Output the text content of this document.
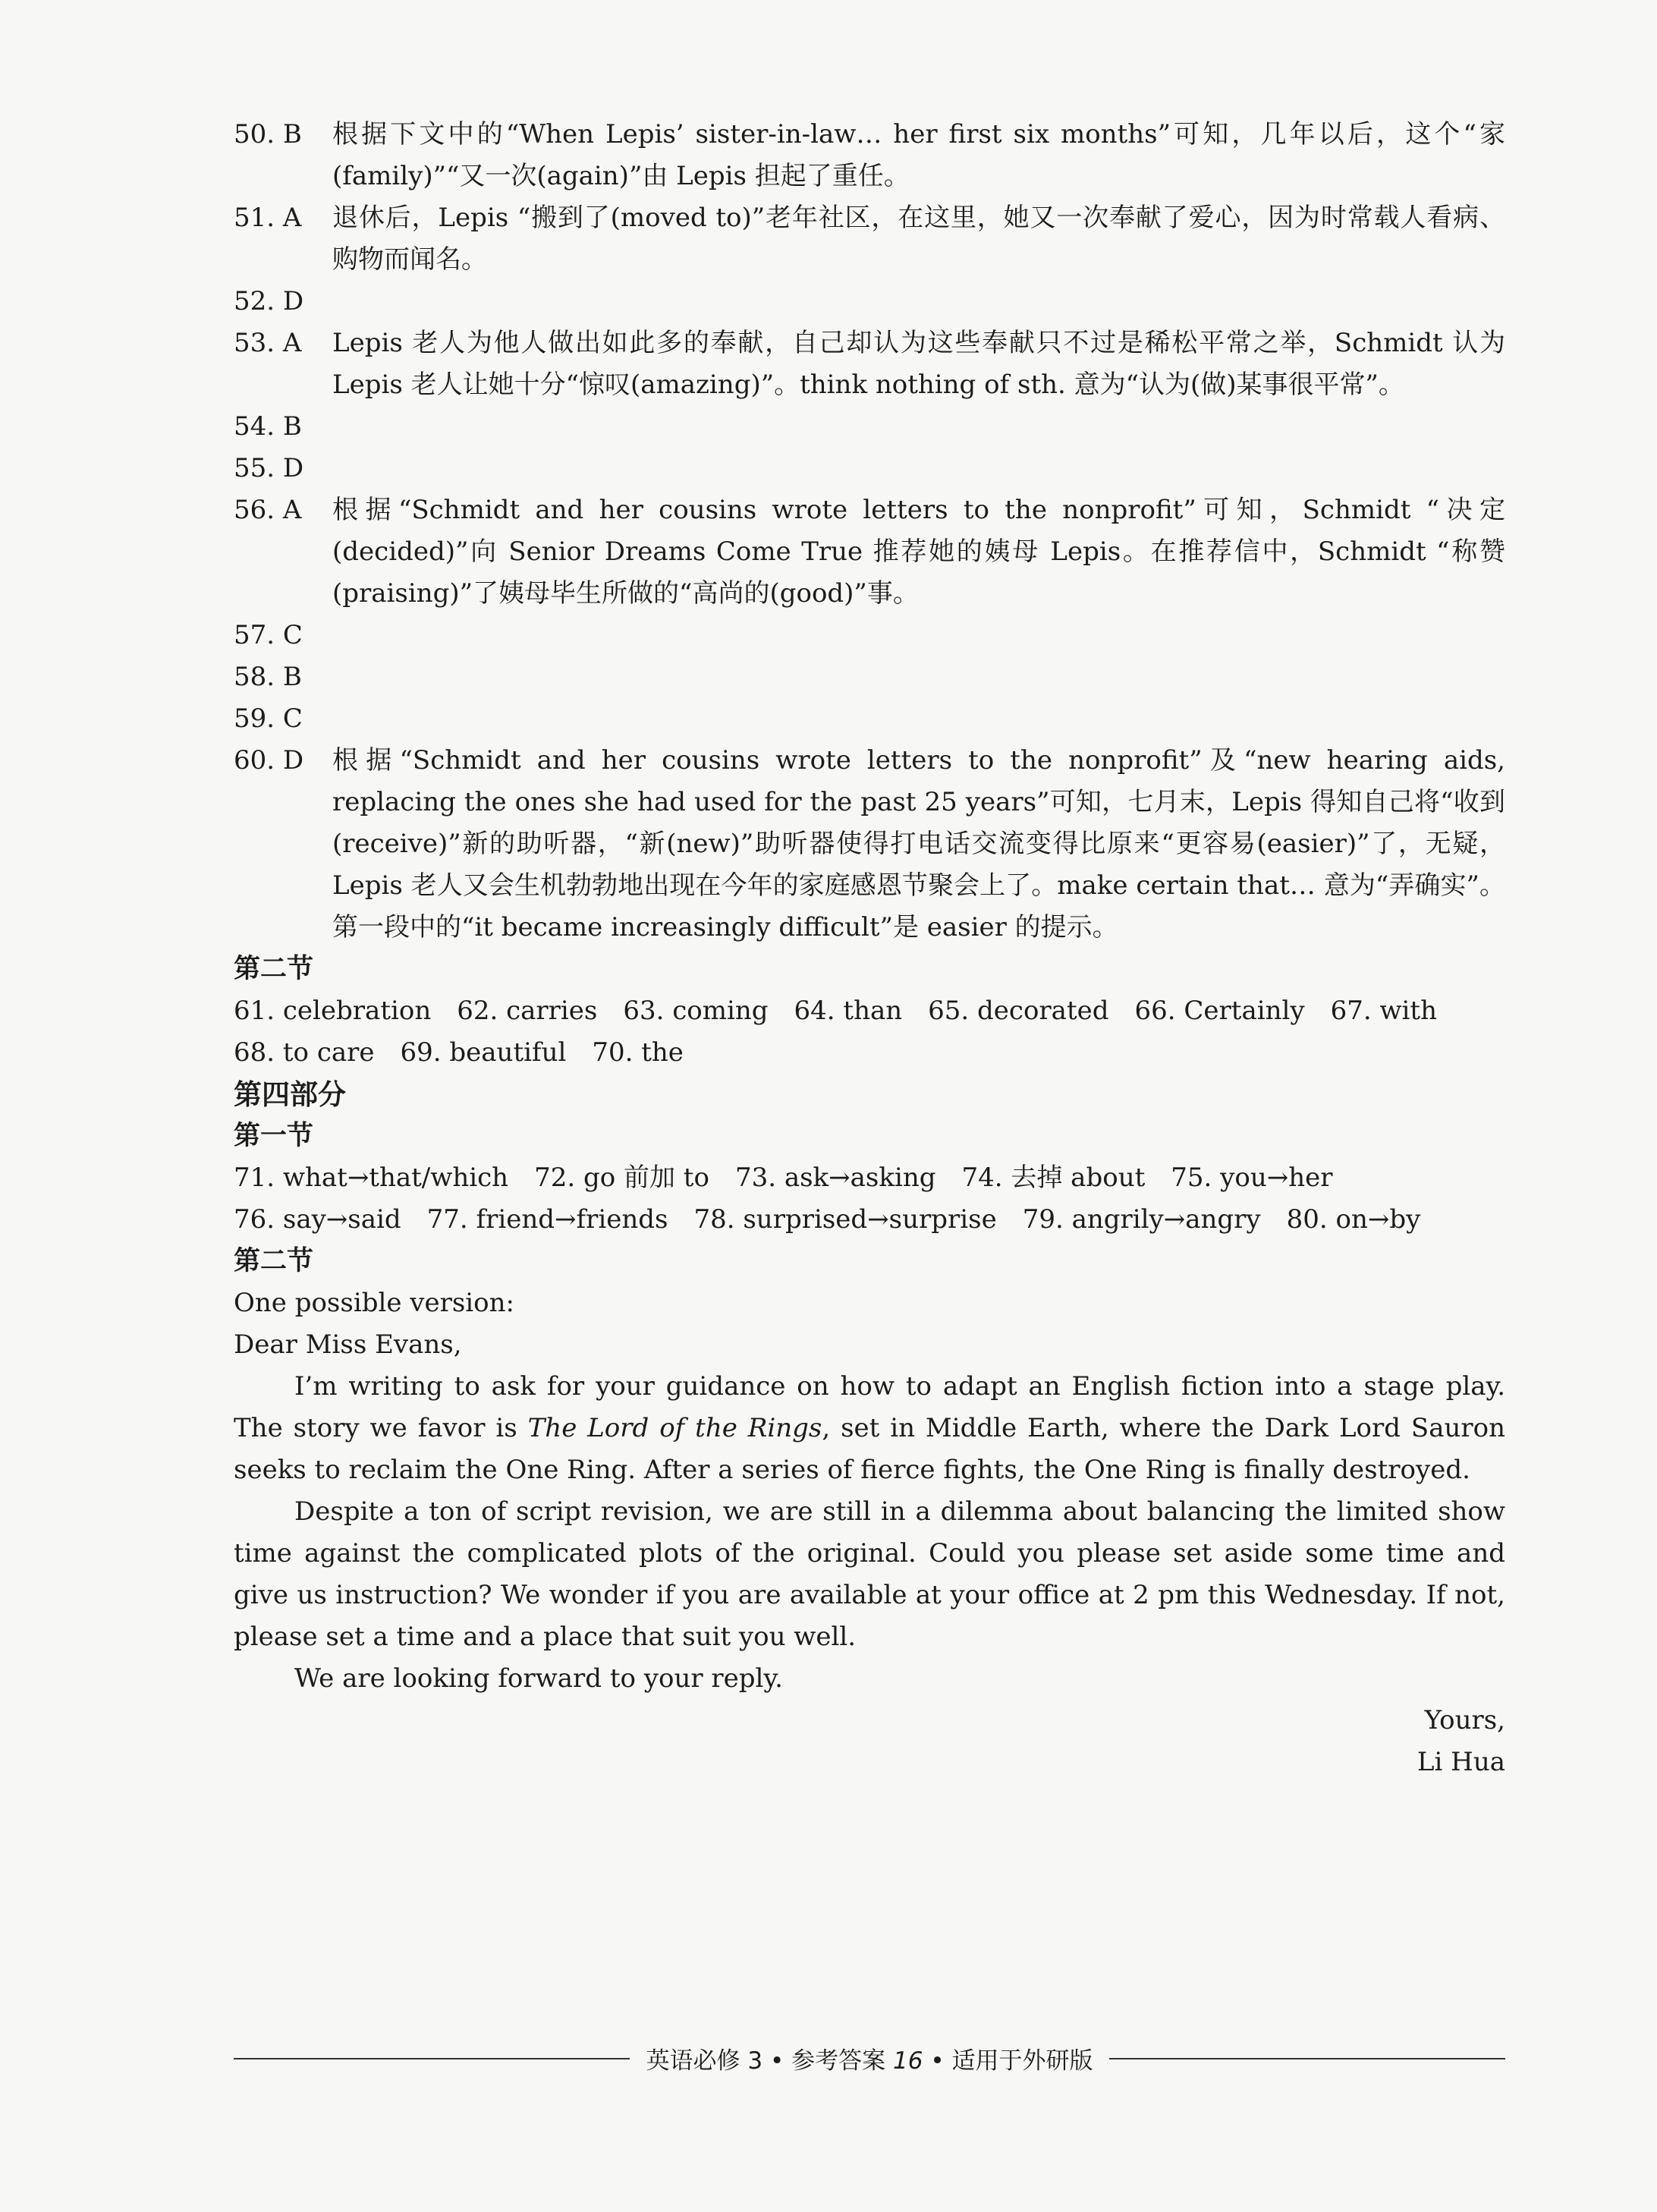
50. B	根据下文中的“When Lepis’ sister-in-law… her first six months”可知，几年以后，这个“家(family)”“又一次(again)”由 Lepis 担起了重任。
51. A	退休后，Lepis “搬到了(moved to)”老年社区，在这里，她又一次奉献了爱心，因为时常载人看病、购物而闻名。
52. D
53. A	Lepis 老人为他人做出如此多的奉献，自己却认为这些奉献只不过是稀松平常之举，Schmidt 认为 Lepis 老人让她十分“惊叹(amazing)”。think nothing of sth. 意为“认为(做)某事很平常”。
54. B
55. D
56. A	根据“Schmidt and her cousins wrote letters to the nonprofit”可知，Schmidt “决定(decided)”向 Senior Dreams Come True 推荐她的姨母 Lepis。在推荐信中，Schmidt “称赞(praising)”了姨母毕生所做的“高尚的(good)”事。
57. C
58. B
59. C
60. D	根据“Schmidt and her cousins wrote letters to the nonprofit”及“new hearing aids, replacing the ones she had used for the past 25 years”可知，七月末，Lepis 得知自己将“收到(receive)”新的助听器，“新(new)”助听器使得打电话交流变得比原来“更容易(easier)”了，无疑，Lepis 老人又会生机勃勃地出现在今年的家庭感恩节聚会上了。make certain that… 意为“弄确实”。第一段中的“it became increasingly difficult”是 easier 的提示。
第二节
61. celebration 62. carries 63. coming 64. than 65. decorated 66. Certainly 67. with
68. to care 69. beautiful 70. the
第四部分
第一节
71. what→that/which 72. go 前加 to 73. ask→asking 74. 去掉 about 75. you→her
76. say→said 77. friend→friends 78. surprised→surprise 79. angrily→angry 80. on→by
第二节
One possible version:
Dear Miss Evans,
I’m writing to ask for your guidance on how to adapt an English fiction into a stage play. The story we favor is The Lord of the Rings, set in Middle Earth, where the Dark Lord Sauron seeks to reclaim the One Ring. After a series of fierce fights, the One Ring is finally destroyed.
Despite a ton of script revision, we are still in a dilemma about balancing the limited show time against the complicated plots of the original. Could you please set aside some time and give us instruction? We wonder if you are available at your office at 2 pm this Wednesday. If not, please set a time and a place that suit you well.
We are looking forward to your reply.
Yours,
Li Hua
英语必修 3 • 参考答案 16 • 适用于外研版
